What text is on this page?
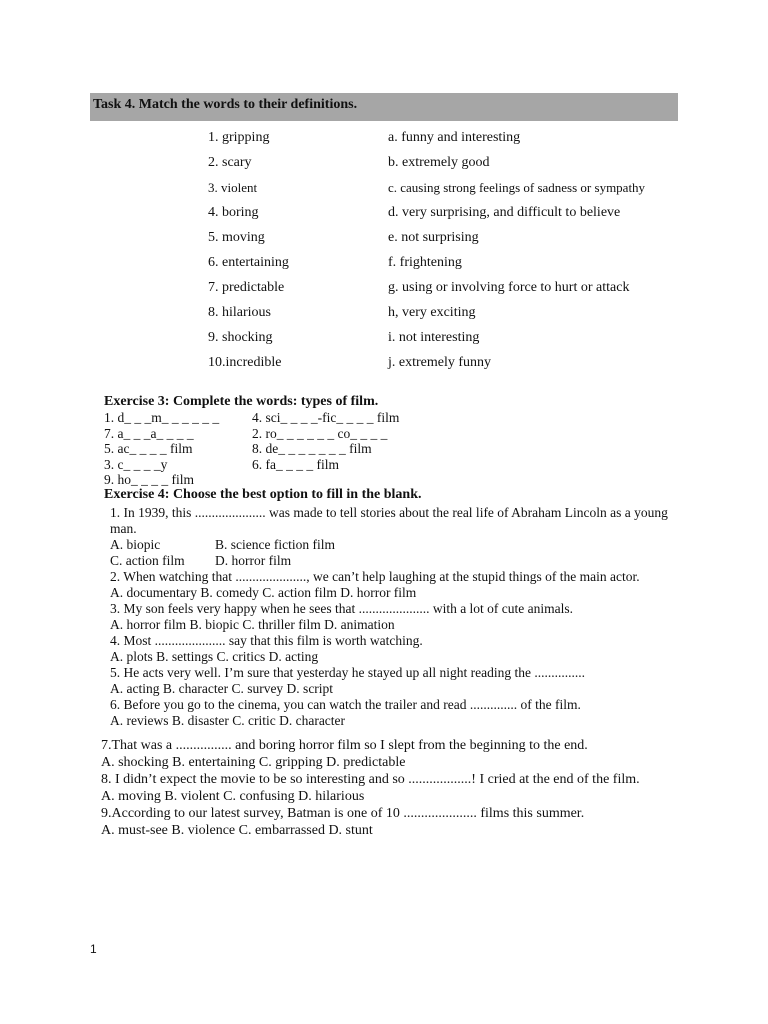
Task 4. Match the words to their definitions.
1. gripping	a. funny and interesting
2. scary	b. extremely good
3. violent	c. causing strong feelings of sadness or sympathy
4. boring	d. very surprising, and difficult to believe
5. moving	e. not surprising
6. entertaining	f. frightening
7. predictable	g. using or involving force to hurt or attack
8. hilarious	h, very exciting
9. shocking	i. not interesting
10.incredible	j. extremely funny
Exercise 3: Complete the words: types of film.
1. d_ _ _m_ _ _ _ _ _ 4. sci_ _ _ _-fic_ _ _ _ film
7. a_ _ _a_ _ _ _	2. ro_ _ _ _ _ _ co_ _ _ _
5. ac_ _ _ _ film	8. de_ _ _ _ _ _ _ film
3. c_ _ _ _y	6. fa_ _ _ _ film
9. ho_ _ _ _ film
Exercise 4: Choose the best option to fill in the blank.
1. In 1939, this ..................... was made to tell stories about the real life of Abraham Lincoln as a young
man.
A. biopic	B. science fiction film
C. action film D. horror film
2. When watching that ....................., we can’t help laughing at the stupid things of the main actor.
A. documentary B. comedy C. action film D. horror film
3. My son feels very happy when he sees that ..................... with a lot of cute animals.
A. horror film B. biopic C. thriller film D. animation
4. Most ..................... say that this film is worth watching.
A. plots B. settings C. critics D. acting
5. He acts very well. I’m sure that yesterday he stayed up all night reading the ...............
A. acting B. character C. survey D. script
6. Before you go to the cinema, you can watch the trailer and read .............. of the film.
A. reviews B. disaster C. critic D. character
7.That was a ................ and boring horror film so I slept from the beginning to the end.
A. shocking B. entertaining C. gripping D. predictable
8. I didn’t expect the movie to be so interesting and so ..................! I cried at the end of the film.
A. moving B. violent C. confusing D. hilarious
9.According to our latest survey, Batman is one of 10 ..................... films this summer.
A. must-see B. violence C. embarrassed D. stunt
1
